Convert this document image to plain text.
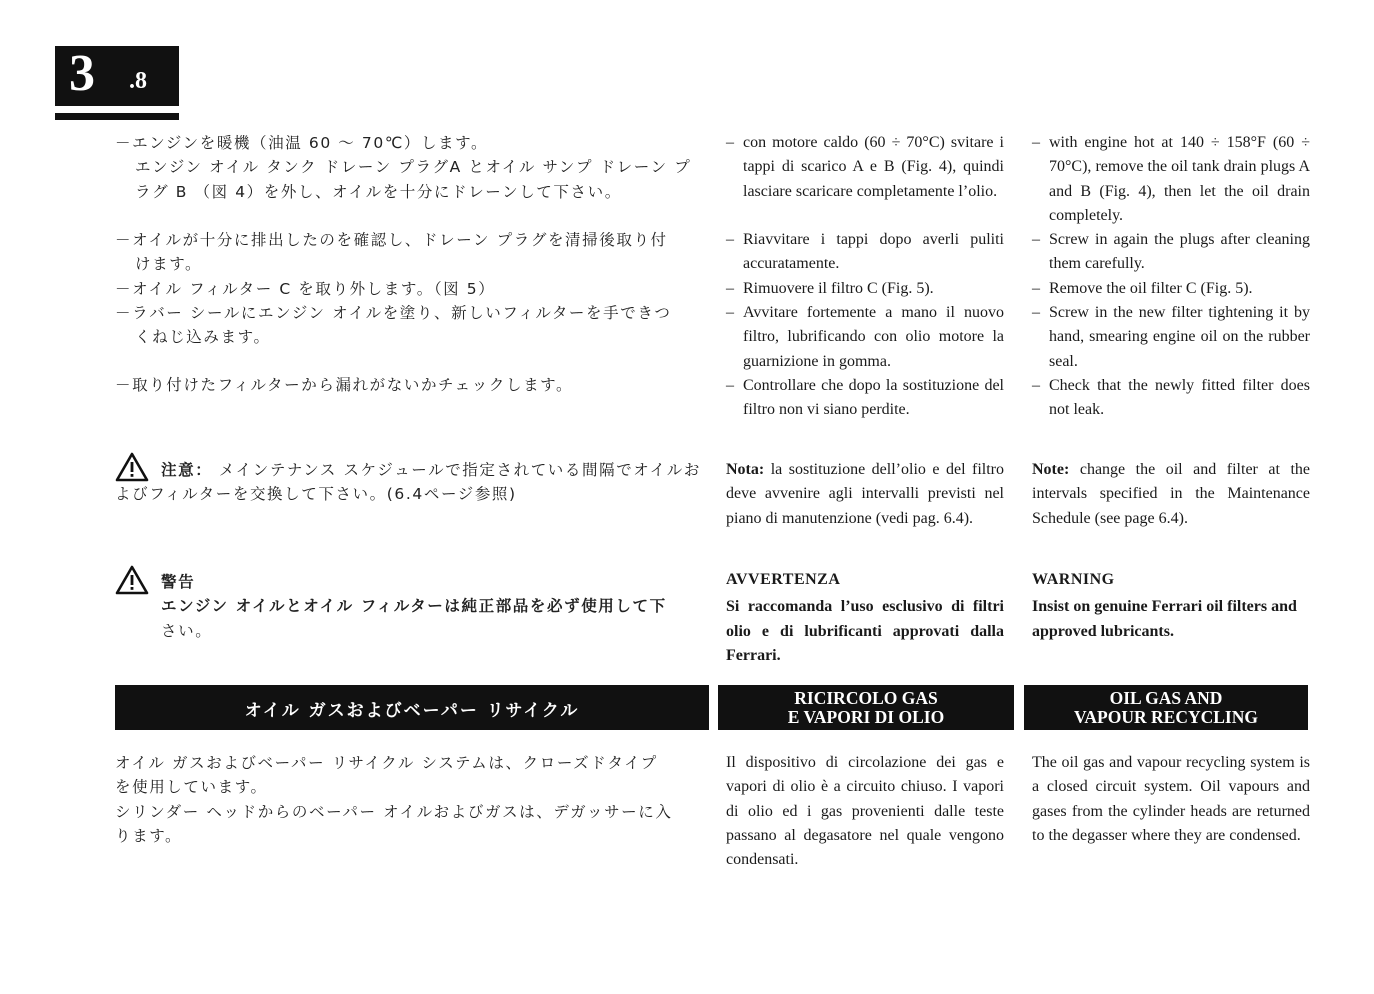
3 .8
－エンジンを暖機（油温 60 ～ 70℃）します。
エンジン オイル タンク ドレーン プラグA とオイル サンプ ドレーン プ
ラグ B （図 4）を外し、オイルを十分にドレーンして下さい。
－オイルが十分に排出したのを確認し、ドレーン プラグを清掃後取り付
けます。
－オイル フィルター C を取り外します。（図 5）
－ラバー シールにエンジン オイルを塗り、新しいフィルターを手できつ
くねじ込みます。
－取り付けたフィルターから漏れがないかチェックします。
– con motore caldo (60 ÷ 70°C) svitare i tappi di scarico A e B (Fig. 4), quindi lasciare scaricare completamente l’olio.
– Riavvitare i tappi dopo averli puliti accuratamente.
– Rimuovere il filtro C (Fig. 5).
– Avvitare fortemente a mano il nuovo filtro, lubrificando con olio motore la guarnizione in gomma.
– Controllare che dopo la sostituzione del filtro non vi siano perdite.
– with engine hot at 140 ÷ 158°F (60 ÷ 70°C), remove the oil tank drain plugs A and B (Fig. 4), then let the oil drain completely.
– Screw in again the plugs after cleaning them carefully.
– Remove the oil filter C (Fig. 5).
– Screw in the new filter tightening it by hand, smearing engine oil on the rubber seal.
– Check that the newly fitted filter does not leak.
注意： メインテナンス スケジュールで指定されている間隔でオイルお
よびフィルターを交換して下さい。(6.4ページ参照)
Nota: la sostituzione dell’olio e del filtro deve avvenire agli intervalli previsti nel piano di manutenzione (vedi pag. 6.4).
Note: change the oil and filter at the intervals specified in the Maintenance Schedule (see page 6.4).
警告
エンジン オイルとオイル フィルターは純正部品を必ず使用して下
さい。
AVVERTENZA
Si raccomanda l’uso esclusivo di filtri olio e di lubrificanti approvati dalla Ferrari.
WARNING
Insist on genuine Ferrari oil filters and approved lubricants.
オイル ガスおよびベーパー リサイクル
RICIRCOLO GAS
E VAPORI DI OLIO
OIL GAS AND
VAPOUR RECYCLING
オイル ガスおよびベーパー リサイクル システムは、クローズドタイプ
を使用しています。
シリンダー ヘッドからのベーパー オイルおよびガスは、デガッサーに入
ります。
Il dispositivo di circolazione dei gas e vapori di olio è a circuito chiuso. I vapori di olio ed i gas provenienti dalle teste passano al degasatore nel quale vengono condensati.
The oil gas and vapour recycling system is a closed circuit system. Oil vapours and gases from the cylinder heads are returned to the degasser where they are condensed.
